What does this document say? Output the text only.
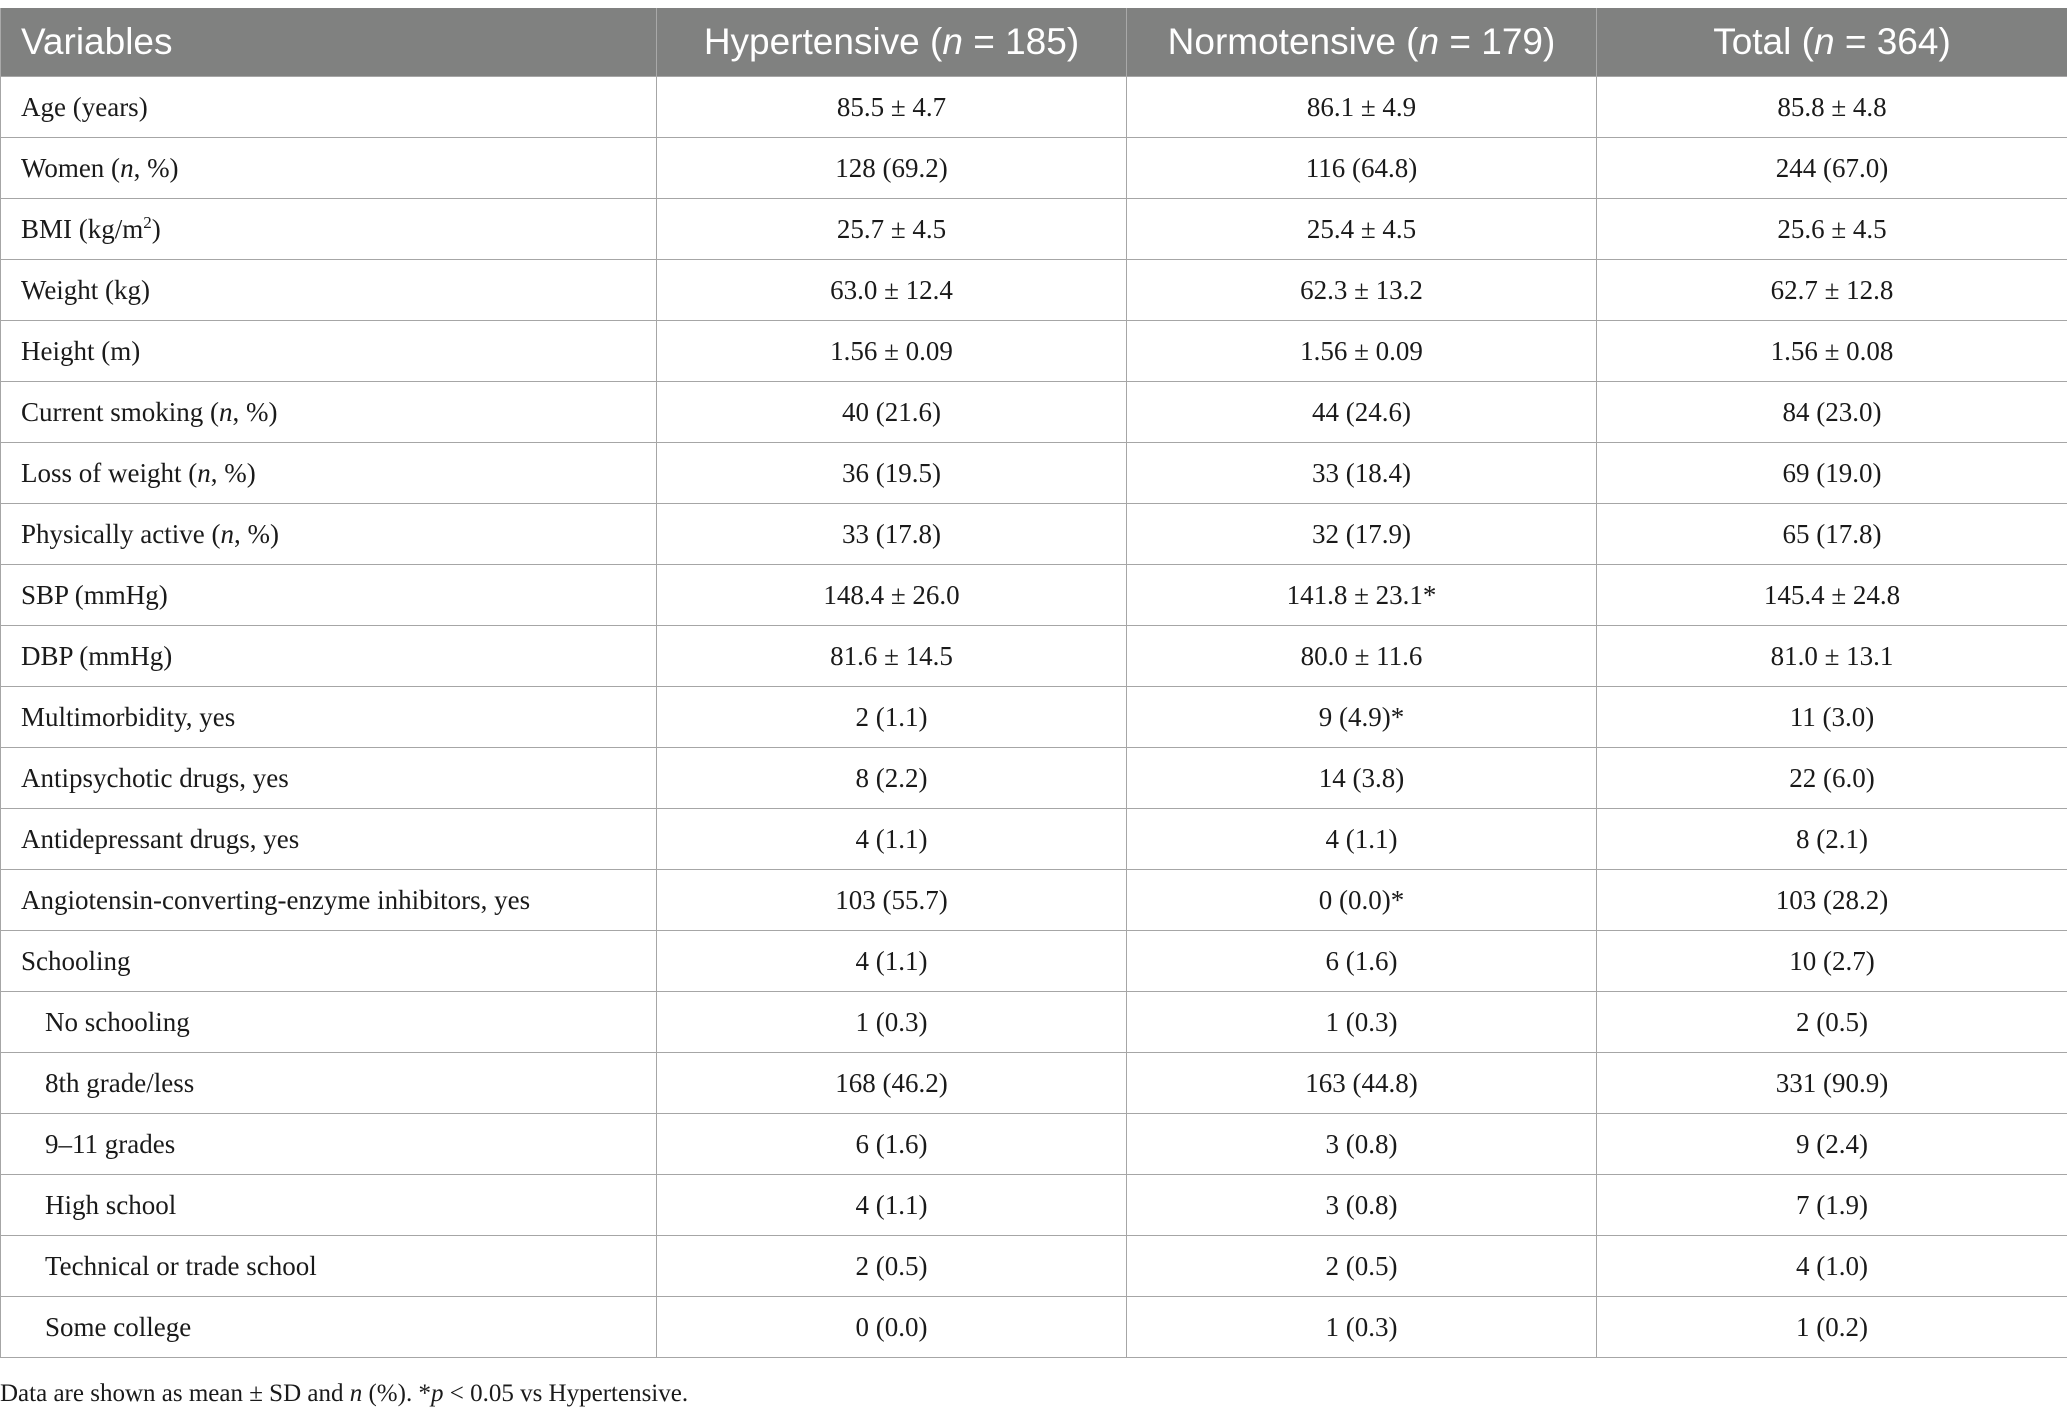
Variables	Hypertensive (n = 185)	Normotensive (n = 179)	Total (n = 364)
Age (years)	85.5 ± 4.7	86.1 ± 4.9	85.8 ± 4.8
Women (n, %)	128 (69.2)	116 (64.8)	244 (67.0)
BMI $(kg/m^2)$	25.7 ± 4.5	25.4 ± 4.5	25.6 ± 4.5
Weight (kg)	63.0 ± 12.4	62.3 ± 13.2	62.7 ± 12.8
Height (m)	1.56 ± 0.09	1.56 ± 0.09	1.56 ± 0.08
Current smoking (n, %)	40 (21.6)	44 (24.6)	84 (23.0)
Loss of weight (n, %)	36 (19.5)	33 (18.4)	69 (19.0)
Physically active (n, %)	33 (17.8)	32 (17.9)	65 (17.8)
SBP (mmHg)	148.4 ± 26.0	141.8 ± 23.1*	145.4 ± 24.8
DBP (mmHg)	81.6 ± 14.5	80.0 ± 11.6	81.0 ± 13.1
Multimorbidity, yes	2 (1.1)	9 (4.9)*	11 (3.0)
Antipsychotic drugs, yes	8 (2.2)	14 (3.8)	22 (6.0)
Antidepressant drugs, yes	4 (1.1)	4 (1.1)	8 (2.1)
Angiotensin-converting-enzyme inhibitors, yes	103 (55.7)	0 (0.0)*	103 (28.2)
Schooling	4 (1.1)	6 (1.6)	10 (2.7)
No schooling	1 (0.3)	1 (0.3)	2 (0.5)
8th grade/less	168 (46.2)	163 (44.8)	331 (90.9)
9–11 grades	6 (1.6)	3 (0.8)	9 (2.4)
High school	4 (1.1)	3 (0.8)	7 (1.9)
Technical or trade school	2 (0.5)	2 (0.5)	4 (1.0)
Some college	0 (0.0)	1 (0.3)	1 (0.2)
Data are shown as mean ± SD and n (%). *p < 0.05 vs Hypertensive.
